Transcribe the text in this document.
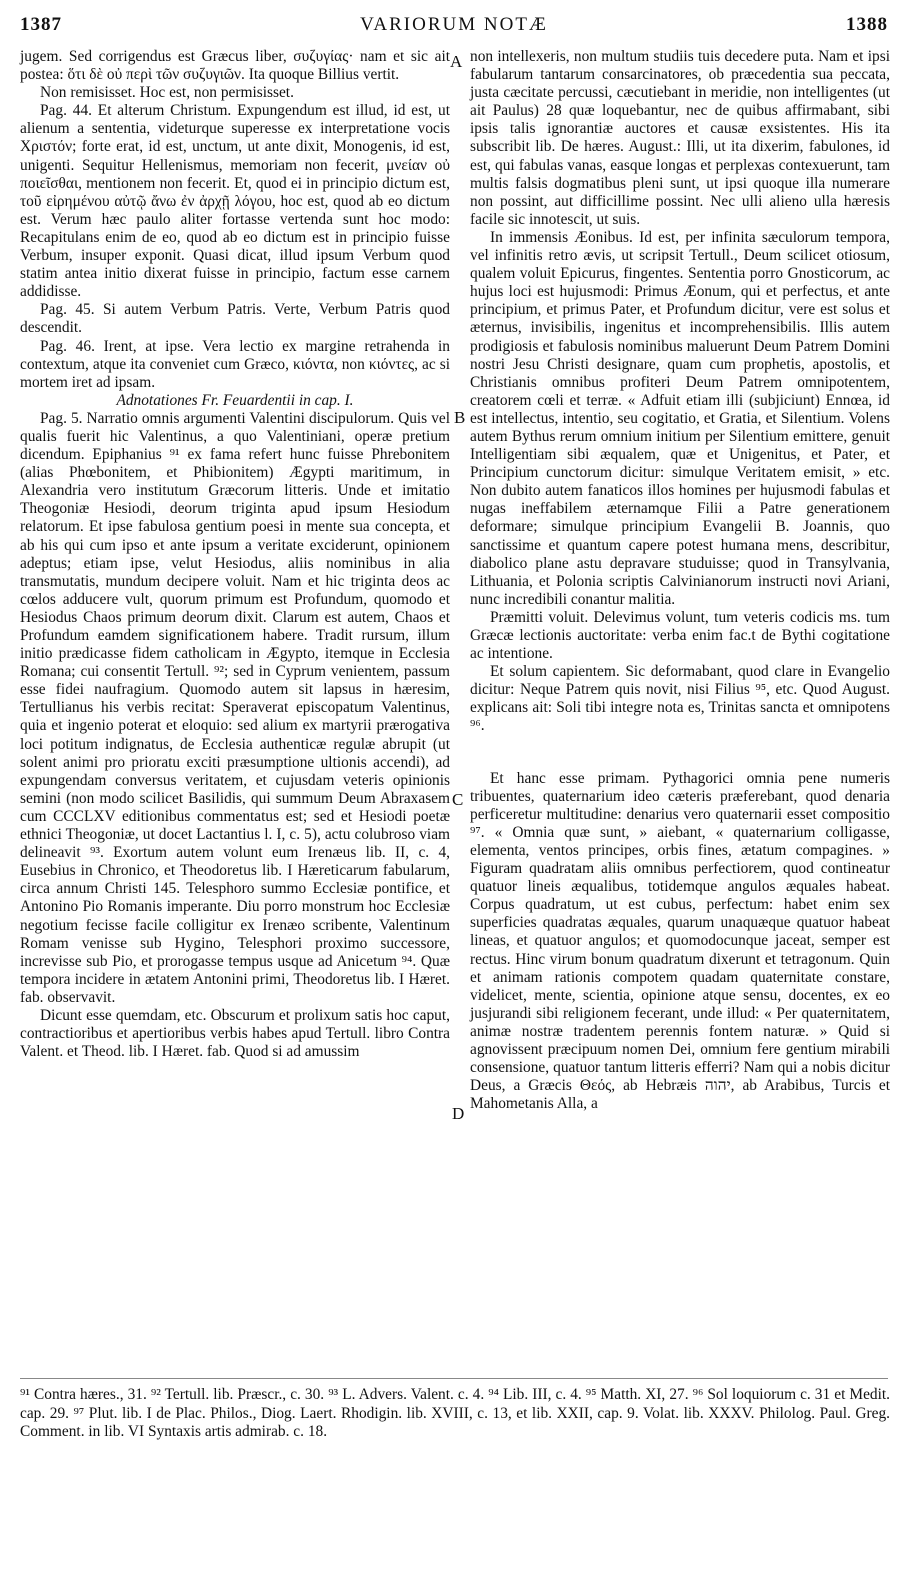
1387	VARIORUM NOTÆ	1388

jugem. Sed corrigendus est Græcus liber, συζυγίας· nam et sic ait postea: ὅτι δὲ οὐ περὶ τῶν συζυγιῶν. Ita quoque Billius vertit.

Non remisisset. Hoc est, non permisisset.

Pag. 44. Et alterum Christum. Expungendum est illud, id est, ut alienum a sententia, videturque superesse ex interpretatione vocis Χριστόν; forte erat, id est, unctum, ut ante dixit, Monogenis, id est, unigenti. Sequitur Hellenismus, memoriam non fecerit, μνείαν οὐ ποιεῖσθαι, mentionem non fecerit. Et, quod ei in principio dictum est, τοῦ εἰρημένου αὐτῷ ἄνω ἐν ἀρχῇ λόγου, hoc est, quod ab eo dictum est. Verum hæc paulo aliter fortasse vertenda sunt hoc modo: Recapitulans enim de eo, quod ab eo dictum est in principio fuisse Verbum, insuper exponit. Quasi dicat, illud ipsum Verbum quod statim antea initio dixerat fuisse in principio, factum esse carnem addidisse.

Pag. 45. Si autem Verbum Patris. Verte, Verbum Patris quod descendit.

Pag. 46. Irent, at ipse. Vera lectio ex margine retrahenda in contextum, atque ita conveniet cum Græco, κιόντα, non κιόντες, ac si mortem iret ad ipsam.

Adnotationes Fr. Feuardentii in cap. I.

Pag. 5. Narratio omnis argumenti Valentini discipulorum. Quis vel qualis fuerit hic Valentinus, a quo Valentiniani, operæ pretium dicendum. Epiphanius ⁹¹ ex fama refert hunc fuisse Phrebonitem (alias Phœbonitem, et Phibionitem) Ægypti maritimum, in Alexandria vero institutum Græcorum litteris. Unde et imitatio Theogoniæ Hesiodi, deorum triginta apud ipsum Hesiodum relatorum. Et ipse fabulosa gentium poesi in mente sua concepta, et ab his qui cum ipso et ante ipsum a veritate exciderunt, opinionem adeptus; etiam ipse, velut Hesiodus, aliis nominibus in alia transmutatis, mundum decipere voluit. Nam et hic triginta deos ac cœlos adducere vult, quorum primum est Profundum, quomodo et Hesiodus Chaos primum deorum dixit. Clarum est autem, Chaos et Profundum eamdem significationem habere. Tradit rursum, illum initio prædicasse fidem catholicam in Ægypto, itemque in Ecclesia Romana; cui consentit Tertull. ⁹²; sed in Cyprum venientem, passum esse fidei naufragium. Quomodo autem sit lapsus in hæresim, Tertullianus his verbis recitat: Speraverat episcopatum Valentinus, quia et ingenio poterat et eloquio: sed alium ex martyrii prærogativa loci potitum indignatus, de Ecclesia authenticæ regulæ abrupit (ut solent animi pro prioratu exciti præsumptione ultionis accendi), ad expungendam conversus veritatem, et cujusdam veteris opinionis semini (non modo scilicet Basilidis, qui summum Deum Abraxasem cum CCCLXV editionibus commentatus est; sed et Hesiodi poetæ ethnici Theogoniæ, ut docet Lactantius l. I, c. 5), actu colubroso viam delineavit ⁹³. Exortum autem volunt eum Irenæus lib. II, c. 4, Eusebius in Chronico, et Theodoretus lib. I Hæreticarum fabularum, circa annum Christi 145. Telesphoro summo Ecclesiæ pontifice, et Antonino Pio Romanis imperante. Diu porro monstrum hoc Ecclesiæ negotium fecisse facile colligitur ex Irenæo scribente, Valentinum Romam venisse sub Hygino, Telesphori proximo successore, increvisse sub Pio, et prorogasse tempus usque ad Anicetum ⁹⁴. Quæ tempora incidere in ætatem Antonini primi, Theodoretus lib. I Hæret. fab. observavit.

Dicunt esse quemdam, etc. Obscurum et prolixum satis hoc caput, contractioribus et apertioribus verbis habes apud Tertull. libro Contra Valent. et Theod. lib. I Hæret. fab. Quod si ad amussim

A
B
C
D

non intellexeris, non multum studiis tuis decedere puta. Nam et ipsi fabularum tantarum consarcinatores, ob præcedentia sua peccata, justa cæcitate percussi, cæcutiebant in meridie, non intelligentes (ut ait Paulus) 28 quæ loquebantur, nec de quibus affirmabant, sibi ipsis talis ignorantiæ auctores et causæ exsistentes. His ita subscribit lib. De hæres. August.: Illi, ut ita dixerim, fabulones, id est, qui fabulas vanas, easque longas et perplexas contexuerunt, tam multis falsis dogmatibus pleni sunt, ut ipsi quoque illa numerare non possint, aut difficillime possint. Nec ulli alieno ulla hæresis facile sic innotescit, ut suis.

In immensis Æonibus. Id est, per infinita sæculorum tempora, vel infinitis retro ævis, ut scripsit Tertull., Deum scilicet otiosum, qualem voluit Epicurus, fingentes. Sententia porro Gnosticorum, ac hujus loci est hujusmodi: Primus Æonum, qui et perfectus, et ante principium, et primus Pater, et Profundum dicitur, vere est solus et æternus, invisibilis, ingenitus et incomprehensibilis. Illis autem prodigiosis et fabulosis nominibus maluerunt Deum Patrem Domini nostri Jesu Christi designare, quam cum prophetis, apostolis, et Christianis omnibus profiteri Deum Patrem omnipotentem, creatorem cœli et terræ. « Adfuit etiam illi (subjiciunt) Ennœa, id est intellectus, intentio, seu cogitatio, et Gratia, et Silentium. Volens autem Bythus rerum omnium initium per Silentium emittere, genuit Intelligentiam sibi æqualem, quæ et Unigenitus, et Pater, et Principium cunctorum dicitur: simulque Veritatem emisit, » etc. Non dubito autem fanaticos illos homines per hujusmodi fabulas et nugas ineffabilem æternamque Filii a Patre generationem deformare; simulque principium Evangelii B. Joannis, quo sanctissime et quantum capere potest humana mens, describitur, diabolico plane astu depravare studuisse; quod in Transylvania, Lithuania, et Polonia scriptis Calvinianorum instructi novi Ariani, nunc incredibili conantur malitia.

Præmitti voluit. Delevimus volunt, tum veteris codicis ms. tum Græcæ lectionis auctoritate: verba enim fac.t de Bythi cogitatione ac intentione.

Et solum capientem. Sic deformabant, quod clare in Evangelio dicitur: Neque Patrem quis novit, nisi Filius ⁹⁵, etc. Quod August. explicans ait: Soli tibi integre nota es, Trinitas sancta et omnipotens ⁹⁶.

Et hanc esse primam. Pythagorici omnia pene numeris tribuentes, quaternarium ideo cæteris præferebant, quod denaria perficeretur multitudine: denarius vero quaternarii esset compositio ⁹⁷. « Omnia quæ sunt, » aiebant, « quaternarium colligasse, elementa, ventos principes, orbis fines, ætatum compagines. » Figuram quadratam aliis omnibus perfectiorem, quod contineatur quatuor lineis æqualibus, totidemque angulos æquales habeat. Corpus quadratum, ut est cubus, perfectum: habet enim sex superficies quadratas æquales, quarum unaquæque quatuor habeat lineas, et quatuor angulos; et quomodocunque jaceat, semper est rectus. Hinc virum bonum quadratum dixerunt et tetragonum. Quin et animam rationis compotem quadam quaternitate constare, videlicet, mente, scientia, opinione atque sensu, docentes, ex eo jusjurandi sibi religionem fecerant, unde illud: « Per quaternitatem, animæ nostræ tradentem perennis fontem naturæ. » Quid si agnovissent præcipuum nomen Dei, omnium fere gentium mirabili consensione, quatuor tantum litteris efferri? Nam qui a nobis dicitur Deus, a Græcis Θεός, ab Hebræis יהוה, ab Arabibus, Turcis et Mahometanis Alla, a

⁹¹ Contra hæres., 31. ⁹² Tertull. lib. Præscr., c. 30. ⁹³ L. Advers. Valent. c. 4. ⁹⁴ Lib. III, c. 4. ⁹⁵ Matth. XI, 27. ⁹⁶ Sol loquiorum c. 31 et Medit. cap. 29. ⁹⁷ Plut. lib. I de Plac. Philos., Diog. Laert. Rhodigin. lib. XVIII, c. 13, et lib. XXII, cap. 9. Volat. lib. XXXV. Philolog. Paul. Greg. Comment. in lib. VI Syntaxis artis admirab. c. 18.
